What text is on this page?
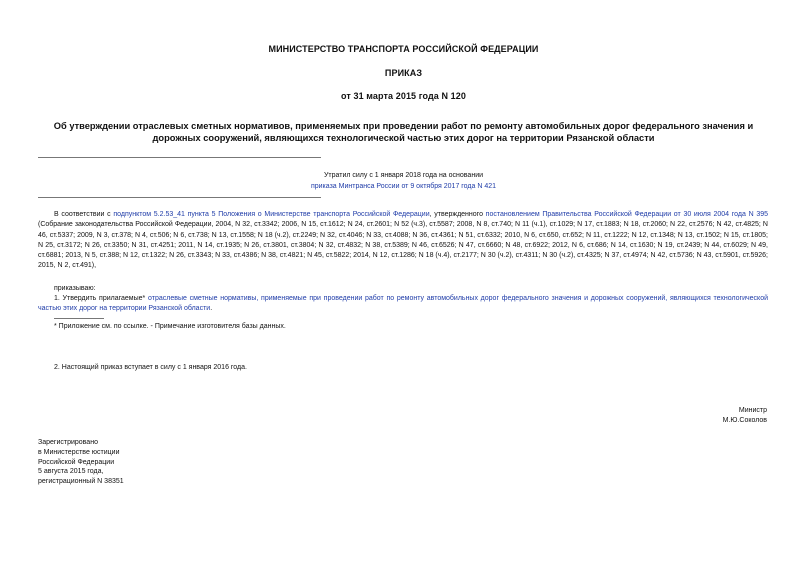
МИНИСТЕРСТВО ТРАНСПОРТА РОССИЙСКОЙ ФЕДЕРАЦИИ
ПРИКАЗ
от 31 марта 2015 года N 120
Об утверждении отраслевых сметных нормативов, применяемых при проведении работ по ремонту автомобильных дорог федерального значения и дорожных сооружений, являющихся технологической частью этих дорог на территории Рязанской области
Утратил силу с 1 января 2018 года на основании
приказа Минтранса России от 9 октября 2017 года N 421
В соответствии с подпунктом 5.2.53_41 пункта 5 Положения о Министерстве транспорта Российской Федерации, утвержденного постановлением Правительства Российской Федерации от 30 июля 2004 года N 395 (Собрание законодательства Российской Федерации, 2004, N 32, ст.3342; 2006, N 15, ст.1612; N 24, ст.2601; N 52 (ч.3), ст.5587; 2008, N 8, ст.740; N 11 (ч.1), ст.1029; N 17, ст.1883; N 18, ст.2060; N 22, ст.2576; N 42, ст.4825; N 46, ст.5337; 2009, N 3, ст.378; N 4, ст.506; N 6, ст.738; N 13, ст.1558; N 18 (ч.2), ст.2249; N 32, ст.4046; N 33, ст.4088; N 36, ст.4361; N 51, ст.6332; 2010, N 6, ст.650, ст.652; N 11, ст.1222; N 12, ст.1348; N 13, ст.1502; N 15, ст.1805; N 25, ст.3172; N 26, ст.3350; N 31, ст.4251; 2011, N 14, ст.1935; N 26, ст.3801, ст.3804; N 32, ст.4832; N 38, ст.5389; N 46, ст.6526; N 47, ст.6660; N 48, ст.6922; 2012, N 6, ст.686; N 14, ст.1630; N 19, ст.2439; N 44, ст.6029; N 49, ст.6881; 2013, N 5, ст.388; N 12, ст.1322; N 26, ст.3343; N 33, ст.4386; N 38, ст.4821; N 45, ст.5822; 2014, N 12, ст.1286; N 18 (ч.4), ст.2177; N 30 (ч.2), ст.4311; N 30 (ч.2), ст.4325; N 37, ст.4974; N 42, ст.5736; N 43, ст.5901, ст.5926; 2015, N 2, ст.491),
приказываю:
1. Утвердить прилагаемые* отраслевые сметные нормативы, применяемые при проведении работ по ремонту автомобильных дорог федерального значения и дорожных сооружений, являющихся технологической частью этих дорог на территории Рязанской области.
* Приложение см. по ссылке. - Примечание изготовителя базы данных.
2. Настоящий приказ вступает в силу с 1 января 2016 года.
Министр
М.Ю.Соколов
Зарегистрировано
в Министерстве юстиции
Российской Федерации
5 августа 2015 года,
регистрационный N 38351
